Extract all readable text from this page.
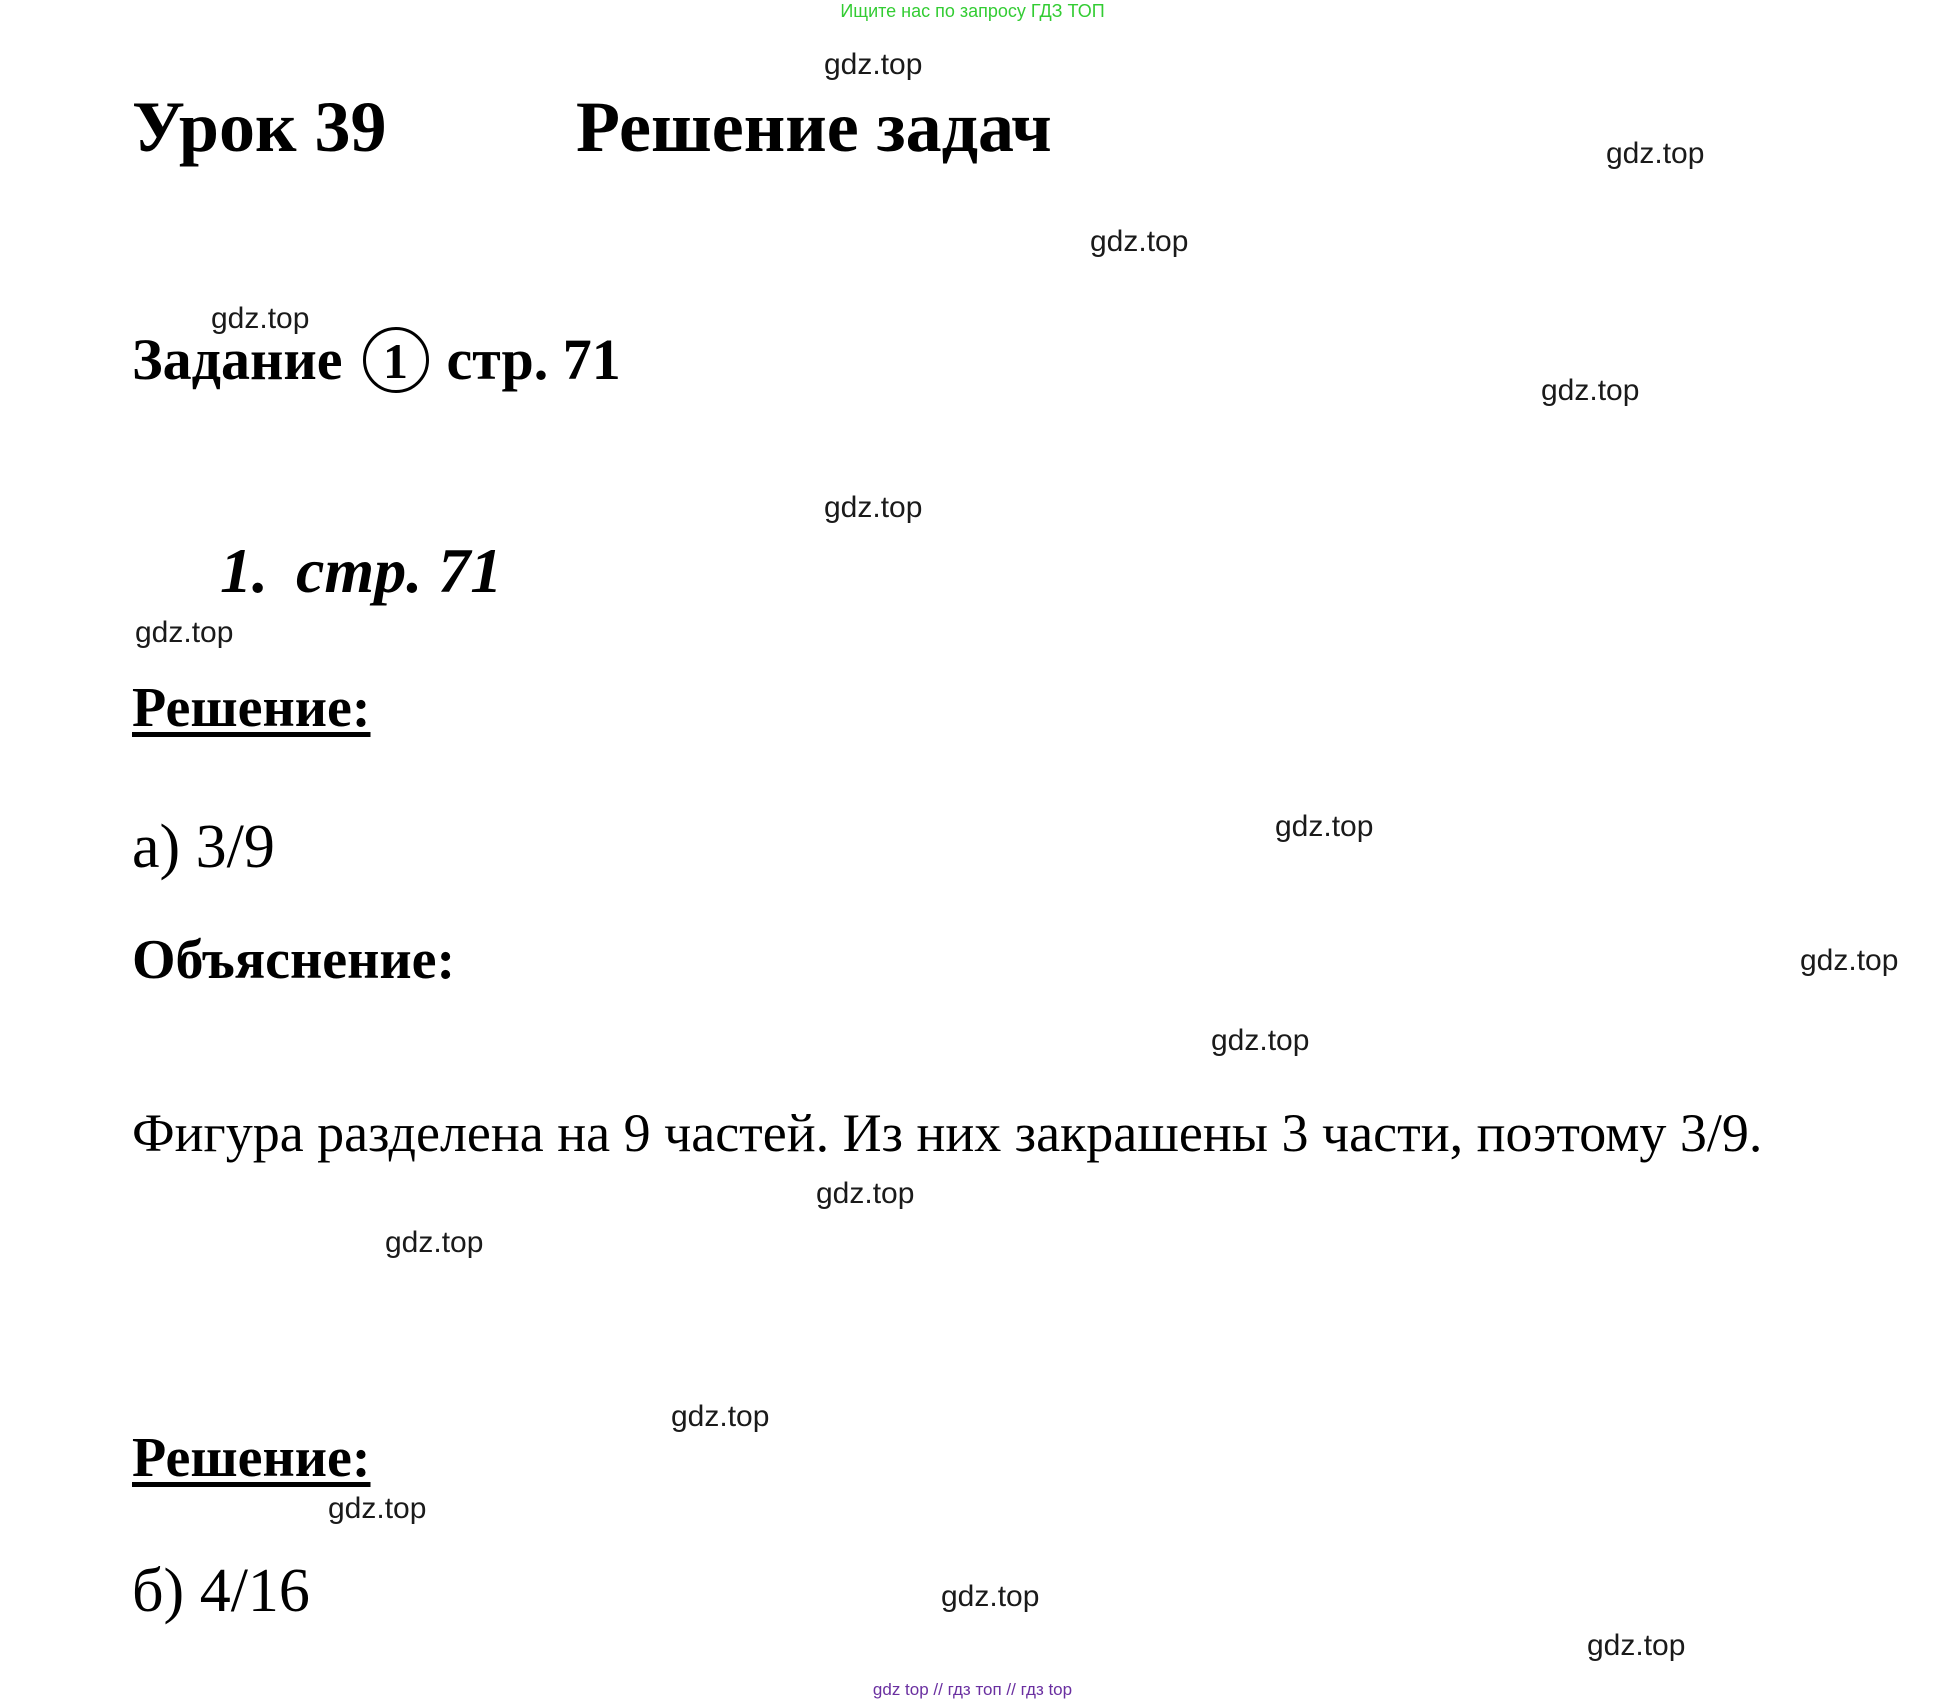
Ищите нас по запросу ГДЗ ТОП
Урок 39	Решение задач
Задание 1 стр. 71
1. стр. 71
Решение:
а) 3/9
Объяснение:
Фигура разделена на 9 частей. Из них закрашены 3 части, поэтому 3/9.
Решение:
б) 4/16
gdz.top
gdz.top
gdz.top
gdz.top
gdz.top
gdz.top
gdz.top
gdz.top
gdz.top
gdz.top
gdz.top
gdz.top
gdz.top
gdz.top
gdz.top
gdz.top
gdz top // гдз топ // гдз top
